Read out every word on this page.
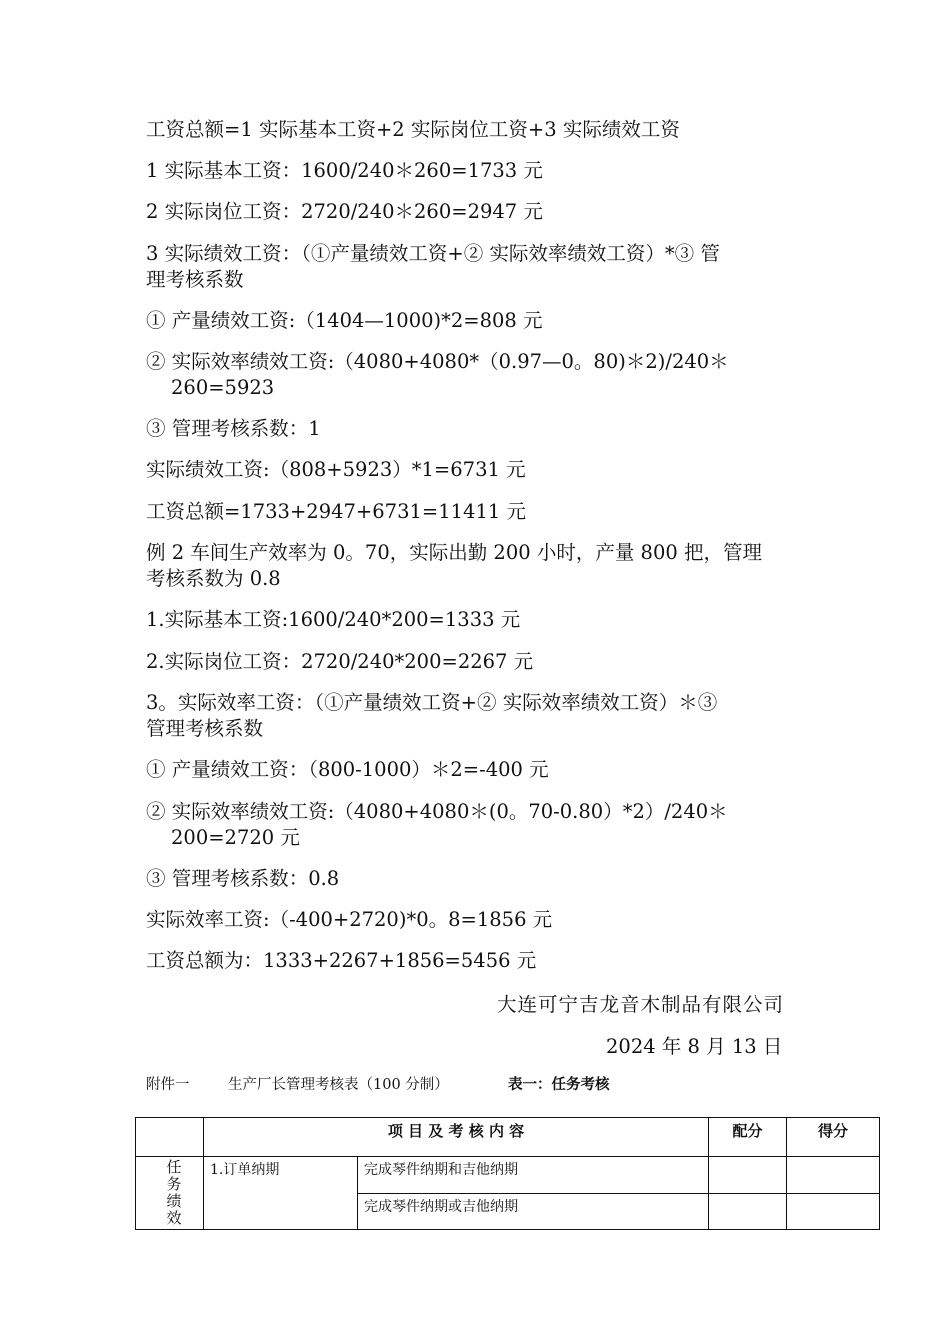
工资总额=1 实际基本工资+2 实际岗位工资+3 实际绩效工资
1 实际基本工资：1600/240＊260=1733 元
2 实际岗位工资：2720/240＊260=2947 元
3 实际绩效工资：（①产量绩效工资+② 实际效率绩效工资）*③ 管
理考核系数
① 产量绩效工资:（1404—1000)*2=808 元
② 实际效率绩效工资:（4080+4080*（0.97—0。80)＊2)/240＊
260=5923
③ 管理考核系数：1
实际绩效工资:（808+5923）*1=6731 元
工资总额=1733+2947+6731=11411 元
例 2 车间生产效率为 0。70，实际出勤 200 小时，产量 800 把，管理
考核系数为 0.8
1.实际基本工资:1600/240*200=1333 元
2.实际岗位工资：2720/240*200=2267 元
3。实际效率工资：（①产量绩效工资+② 实际效率绩效工资）＊③
管理考核系数
① 产量绩效工资：（800-1000）＊2=-400 元
② 实际效率绩效工资:（4080+4080＊(0。70-0.80）*2）/240＊
200=2720 元
③ 管理考核系数：0.8
实际效率工资:（-400+2720)*0。8=1856 元
工资总额为：1333+2267+1856=5456 元
大连可宁吉龙音木制品有限公司
2024 年 8 月 13 日
附件一	生产厂长管理考核表（100 分制）	表一：任务考核
	项 目 及 考 核 内 容		配分	得分

任务绩效	1.订单纳期	完成琴件纳期和吉他纳期		
		完成琴件纳期或吉他纳期		
